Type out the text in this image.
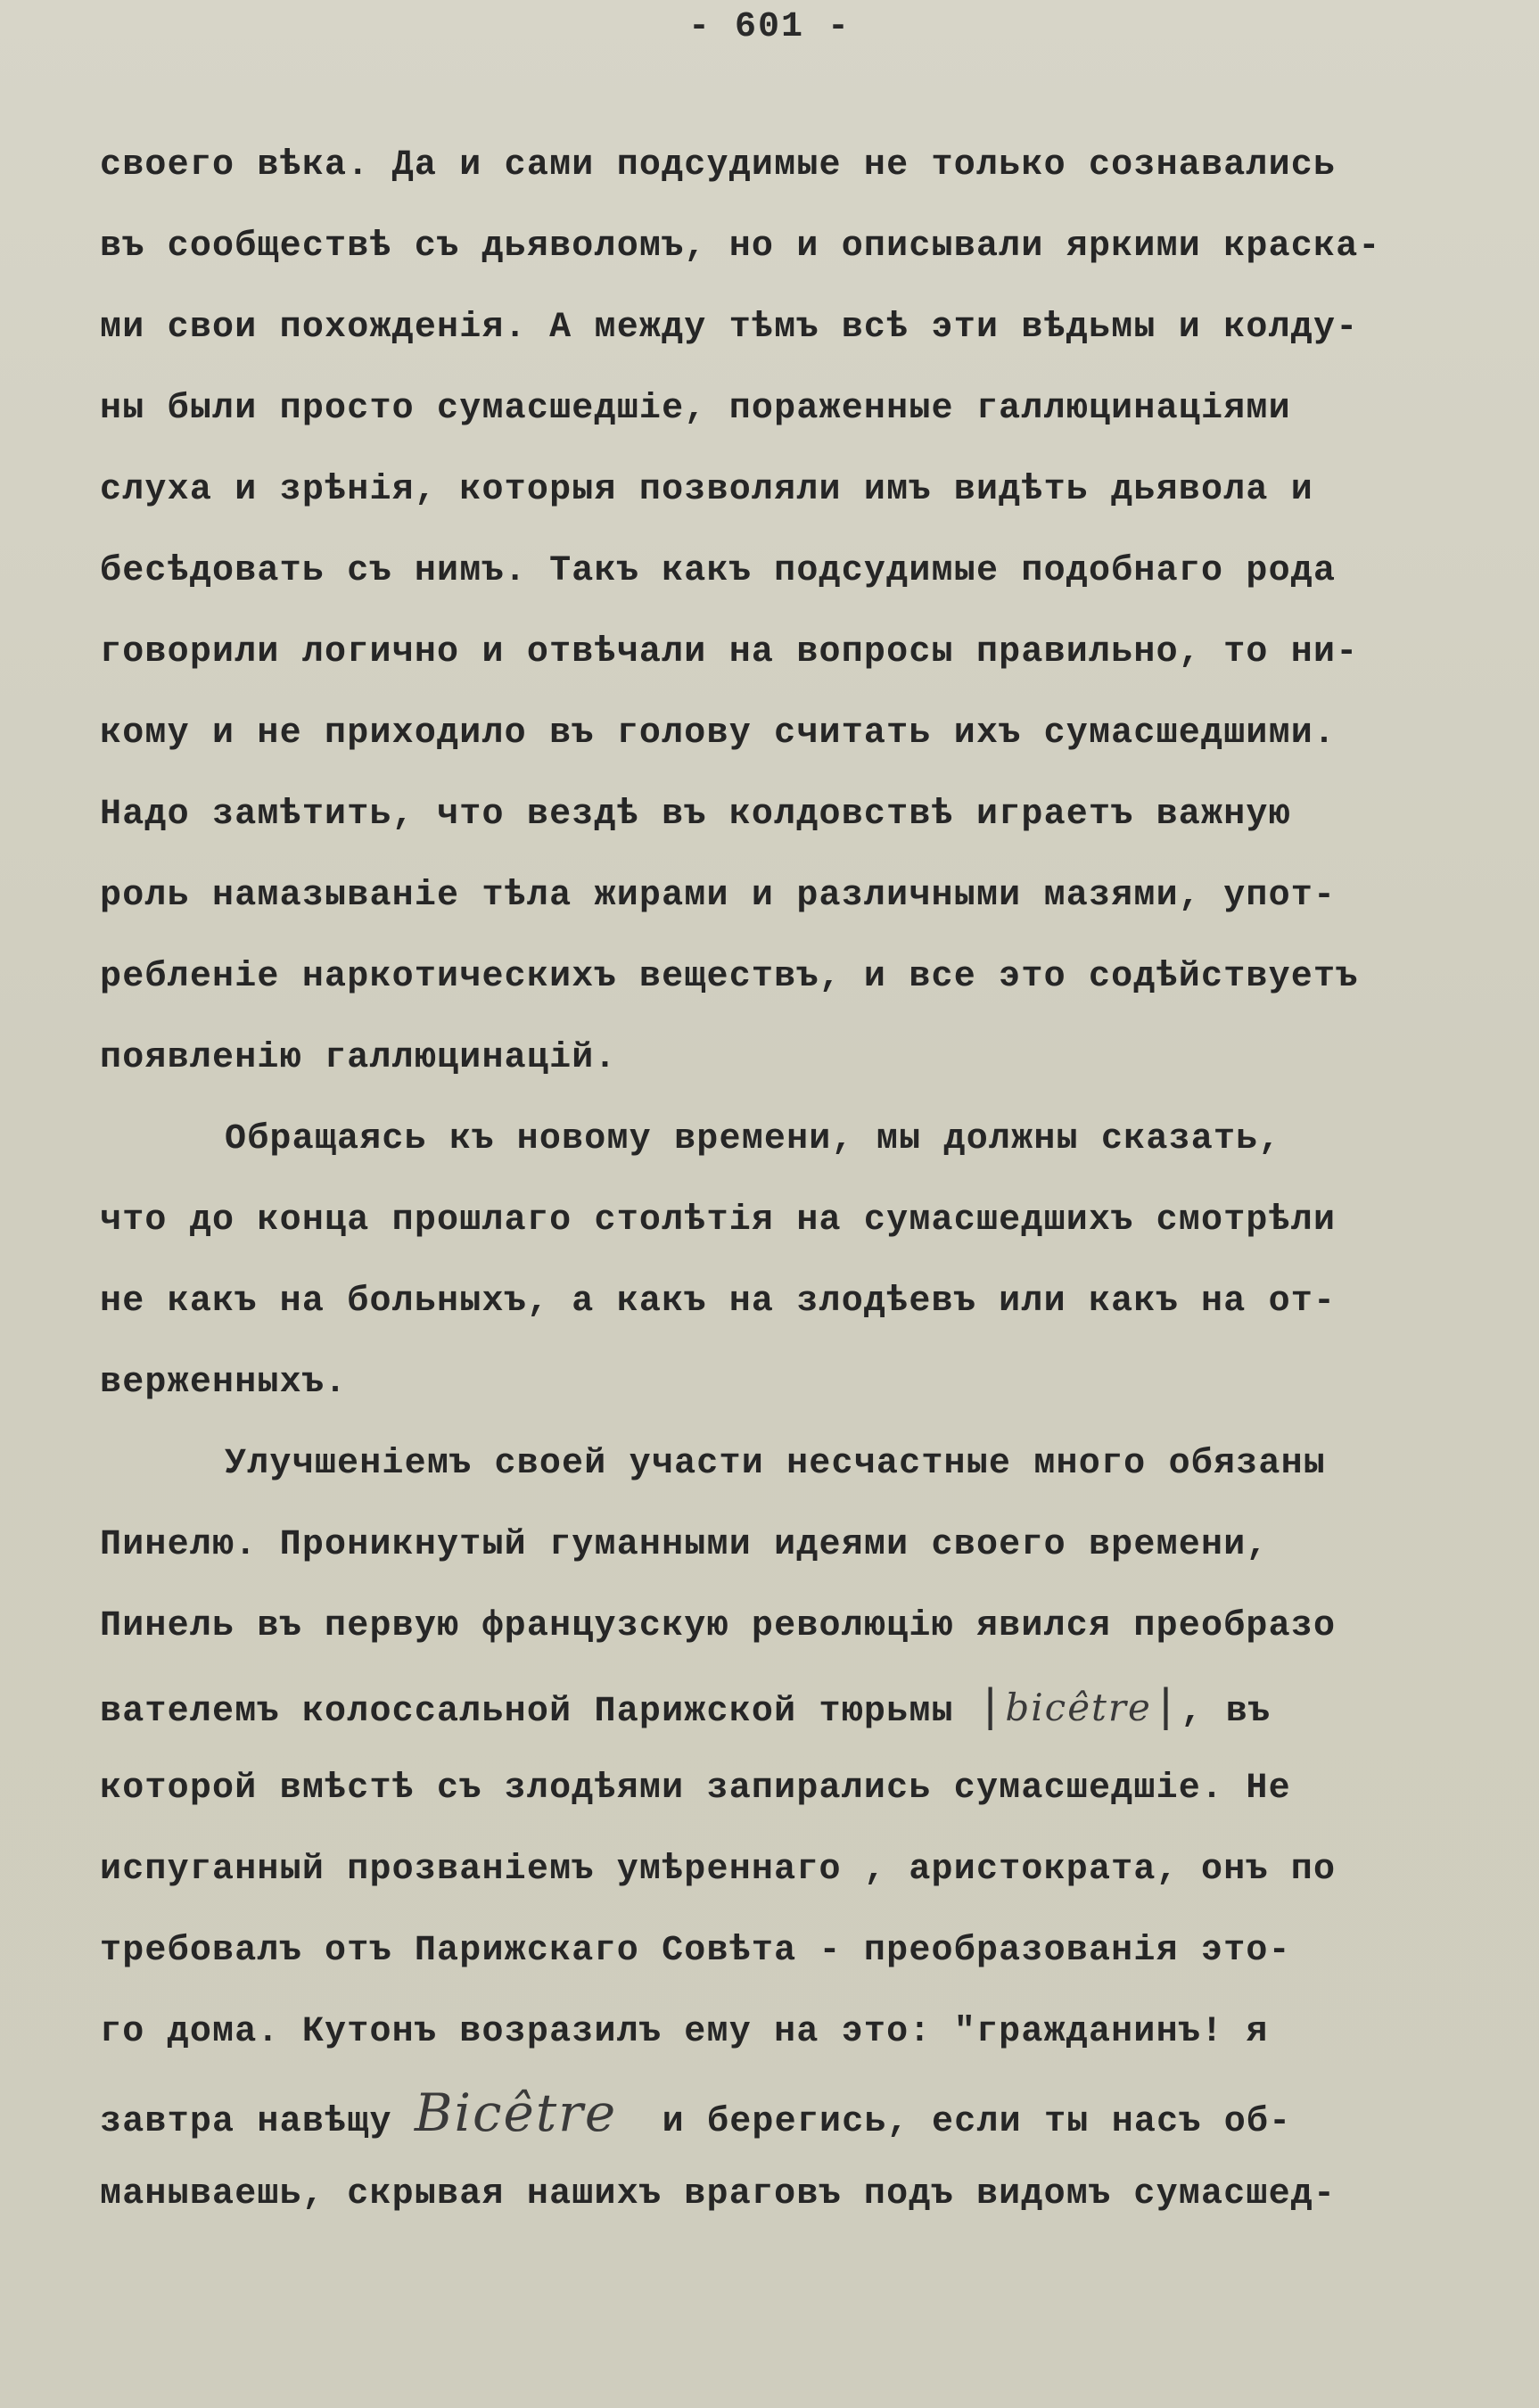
- 601 -
своего вѣка. Да и сами подсудимые не только сознавались
въ сообществѣ съ дьяволомъ, но и описывали яркими краска-
ми свои похожденія. А между тѣмъ всѣ эти вѣдьмы и колду-
ны были просто сумасшедшіе, пораженные галлюцинаціями
слуха и зрѣнія, которыя позволяли имъ видѣть дьявола и
бесѣдовать съ нимъ. Такъ какъ подсудимые подобнаго рода
говорили логично и отвѣчали на вопросы правильно, то ни-
кому и не приходило въ голову считать ихъ сумасшедшими.
Надо замѣтить, что вездѣ въ колдовствѣ играетъ важную
роль намазываніе тѣла жирами и различными мазями, упот-
ребленіе наркотическихъ веществъ, и все это содѣйствуетъ
появленію галлюцинацій.
Обращаясь къ новому времени, мы должны сказать,
что до конца прошлаго столѣтія на сумасшедшихъ смотрѣли
не какъ на больныхъ, а какъ на злодѣевъ или какъ на от-
верженныхъ.
Улучшеніемъ своей участи несчастные много обязаны
Пинелю. Проникнутый гуманными идеями своего времени,
Пинель въ первую французскую революцію явился преобразо
вателемъ колоссальной Парижской тюрьмы |bicêtre|, въ
которой вмѣстѣ съ злодѣями запирались сумасшедшіе. Не
испуганный прозваніемъ умѣреннаго , аристократа, онъ по
требовалъ отъ Парижскаго Совѣта - преобразованія это-
го дома. Кутонъ возразилъ ему на это: "гражданинъ! я
завтра навѣщу Bicêtre  и берегись, если ты насъ об-
манываешь, скрывая нашихъ враговъ подъ видомъ сумасшед-
